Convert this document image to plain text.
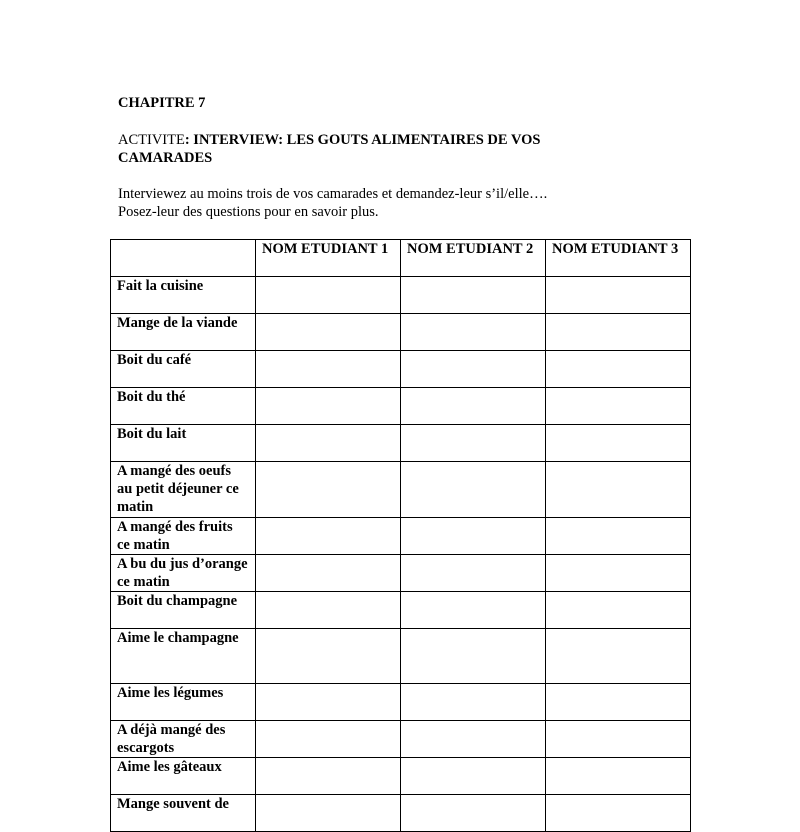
CHAPITRE 7

ACTIVITE: INTERVIEW: LES GOUTS ALIMENTAIRES DE VOS CAMARADES

Interviewez au moins trois de vos camarades et demandez-leur s’il/elle….
Posez-leur des questions pour en savoir plus.

	NOM ETUDIANT 1	NOM ETUDIANT 2	NOM ETUDIANT 3
Fait la cuisine			
Mange de la viande			
Boit du café			
Boit du thé			
Boit du lait			
A mangé des oeufs au petit déjeuner ce matin			
A mangé des fruits ce matin			
A bu du jus d’orange ce matin			
Boit du champagne			
Aime le champagne			
Aime les légumes			
A déjà mangé des escargots			
Aime les gâteaux			
Mange souvent de			
